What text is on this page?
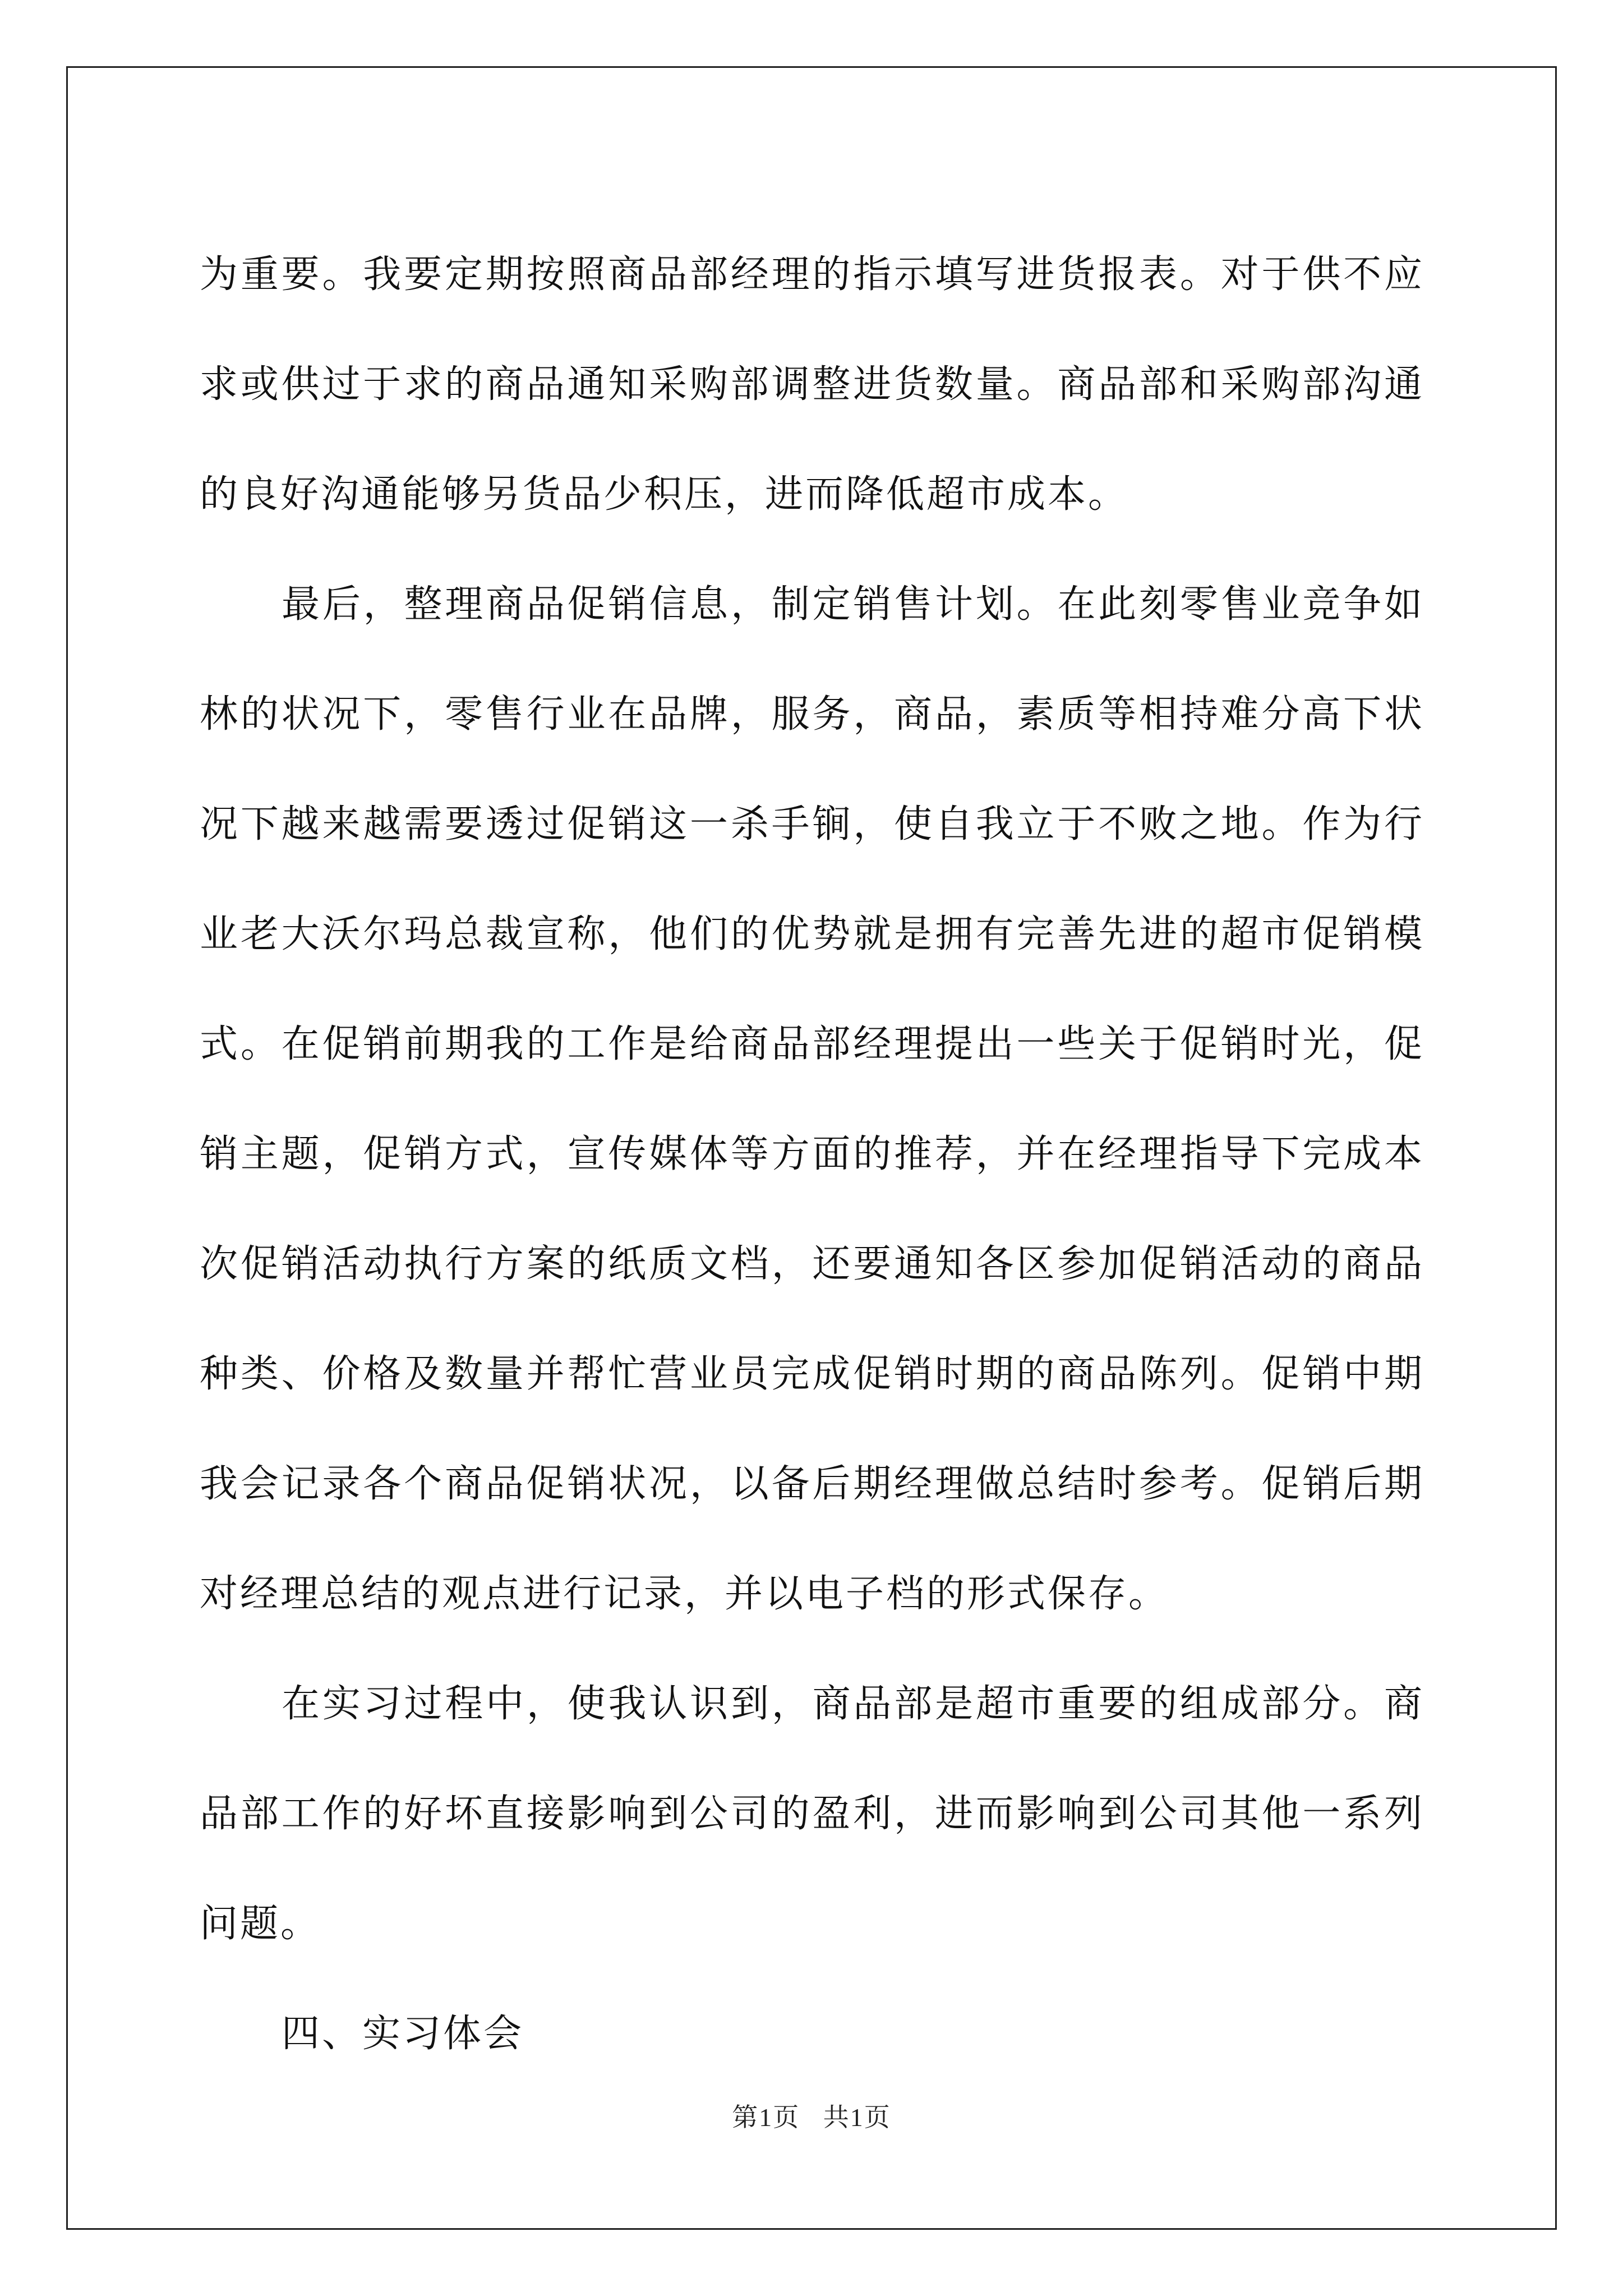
为重要。我要定期按照商品部经理的指示填写进货报表。对于供不应求或供过于求的商品通知采购部调整进货数量。商品部和采购部沟通的良好沟通能够另货品少积压，进而降低超市成本。

最后，整理商品促销信息，制定销售计划。在此刻零售业竞争如林的状况下，零售行业在品牌，服务，商品，素质等相持难分高下状况下越来越需要透过促销这一杀手锏，使自我立于不败之地。作为行业老大沃尔玛总裁宣称，他们的优势就是拥有完善先进的超市促销模式。在促销前期我的工作是给商品部经理提出一些关于促销时光，促销主题，促销方式，宣传媒体等方面的推荐，并在经理指导下完成本次促销活动执行方案的纸质文档，还要通知各区参加促销活动的商品种类、价格及数量并帮忙营业员完成促销时期的商品陈列。促销中期我会记录各个商品促销状况，以备后期经理做总结时参考。促销后期对经理总结的观点进行记录，并以电子档的形式保存。

在实习过程中，使我认识到，商品部是超市重要的组成部分。商品部工作的好坏直接影响到公司的盈利，进而影响到公司其他一系列问题。

四、实习体会

第1页 共1页
